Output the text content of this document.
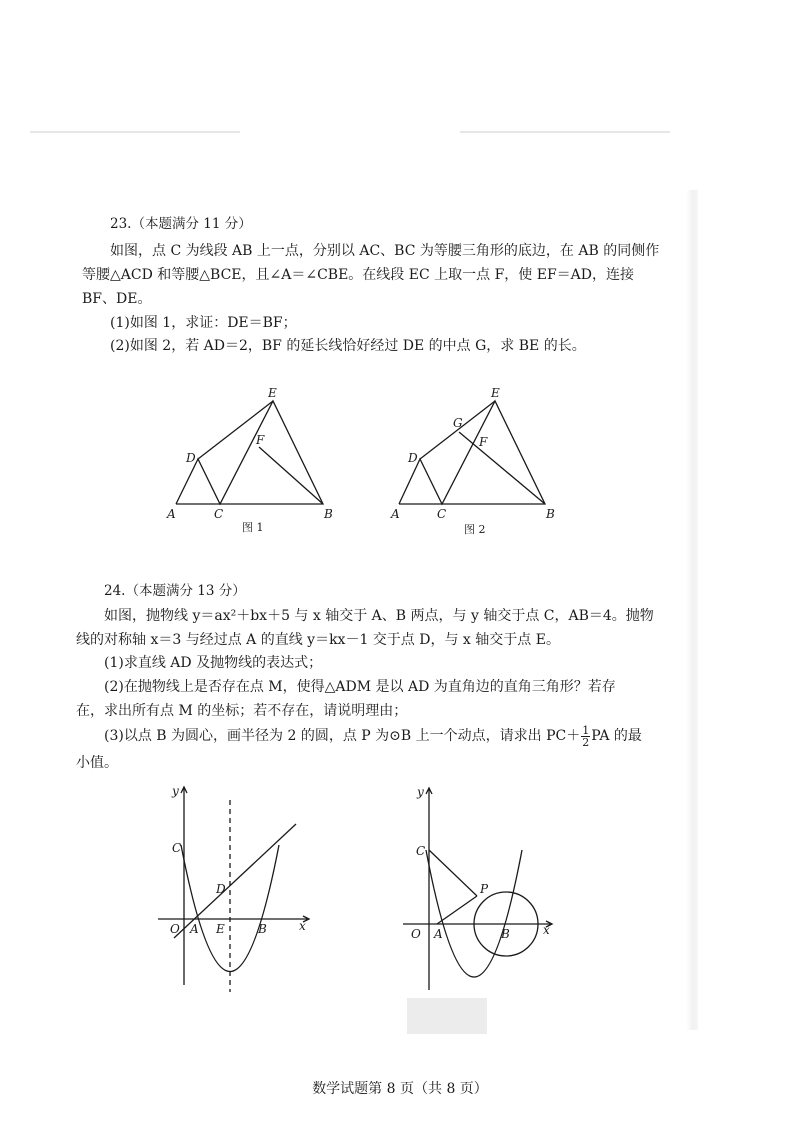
23.（本题满分 11 分）
如图，点 C 为线段 AB 上一点，分别以 AC、BC 为等腰三角形的底边，在 AB 的同侧作
等腰△ACD 和等腰△BCE，且∠A＝∠CBE。在线段 EC 上取一点 F，使 EF＝AD，连接
BF、DE。
(1)如图 1，求证：DE＝BF；
(2)如图 2，若 AD＝2，BF 的延长线恰好经过 DE 的中点 G，求 BE 的长。
E
F
D
A	C	B
图 1
E
G
F
D
A	C	B
图 2
24.（本题满分 13 分）
如图，抛物线 y＝ax²＋bx＋5 与 x 轴交于 A、B 两点，与 y 轴交于点 C，AB＝4。抛物
线的对称轴 x＝3 与经过点 A 的直线 y＝kx－1 交于点 D，与 x 轴交于点 E。
(1)求直线 AD 及抛物线的表达式；
(2)在抛物线上是否存在点 M，使得△ADM 是以 AD 为直角边的直角三角形？若存
在，求出所有点 M 的坐标；若不存在，请说明理由；
(3)以点 B 为圆心，画半径为 2 的圆，点 P 为⊙B 上一个动点，请求出 $PC+ \frac{1}{2}$ PA 的最
小值。
y
C
D
O A E	B	x
y
C
P
O A	B	x
数学试题第 8 页（共 8 页）
